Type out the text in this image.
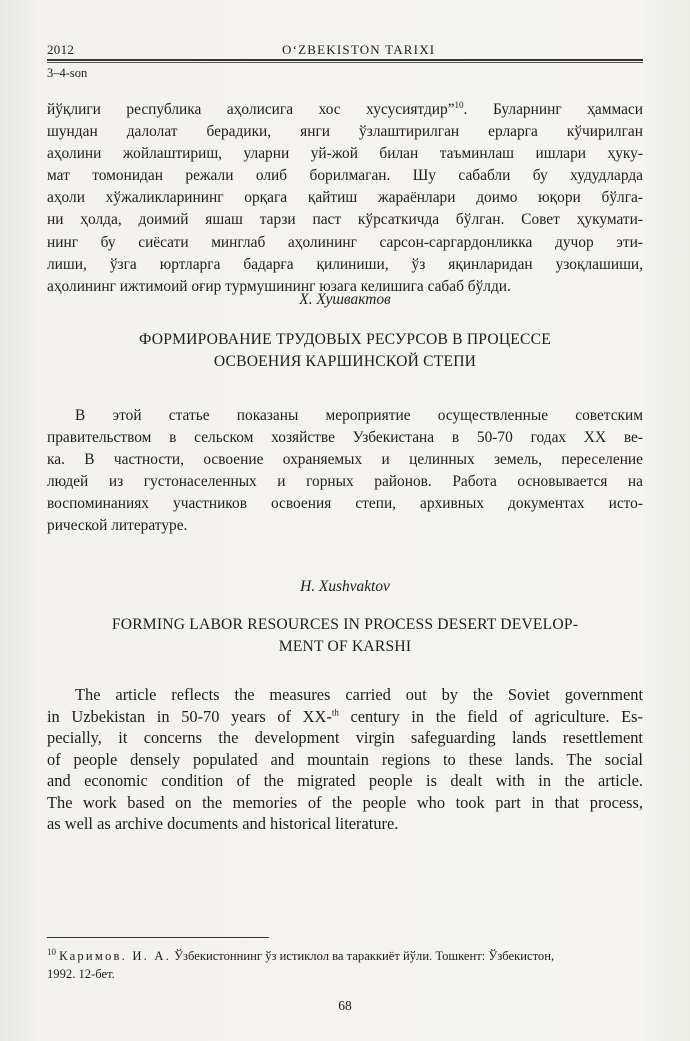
2012	O‘ZBEKISTON TARIXI
3–4-son
йўқлиги республика аҳолисига хос хусусиятдир”$^{10}$. Буларнинг ҳаммаси
шундан далолат берадики, янги ўзлаштирилган ерларга кўчирилган
аҳолини жойлаштириш, уларни уй-жой билан таъминлаш ишлари ҳуку-
мат томонидан режали олиб борилмаган. Шу сабабли бу худудларда
аҳоли хўжаликларининг орқага қайтиш жараёнлари доимо юқори бўлга-
ни ҳолда, доимий яшаш тарзи паст кўрсаткичда бўлган. Совет ҳукумати-
нинг бу сиёсати минглаб аҳолининг сарсон-саргардонликка дучор эти-
лиши, ўзга юртларга бадарға қилиниши, ўз яқинларидан узоқлашиши,
аҳолининг ижтимоий оғир турмушининг юзага келишига сабаб бўлди.
Х. Хушвактов
ФОРМИРОВАНИЕ ТРУДОВЫХ РЕСУРСОВ В ПРОЦЕССЕ
ОСВОЕНИЯ КАРШИНСКОЙ СТЕПИ
В этой статье показаны мероприятие осуществленные советским
правительством в сельском хозяйстве Узбекистана в 50-70 годах ХХ ве-
ка. В частности, освоение охраняемых и целинных земель, переселение
людей из густонаселенных и горных районов. Работа основывается на
воспоминаниях участников освоения степи, архивных документах исто-
рической литературе.
H. Xushvaktov
FORMING LABOR RESOURCES IN PROCESS DESERT DEVELOP-
MENT OF KARSHI
The article reflects the measures carried out by the Soviet government
in Uzbekistan in 50-70 years of XX-$^{th}$ century in the field of agriculture. Es-
pecially, it concerns the development virgin safeguarding lands resettlement
of people densely populated and mountain regions to these lands. The social
and economic condition of the migrated people is dealt with in the article.
The work based on the memories of the people who took part in that process,
as well as archive documents and historical literature.
$^{10}$ Каримов. И. А. Ўзбекистоннинг ўз истиклол ва тараккиёт йўли. Тошкент: Ўзбекистон,
1992. 12-бет.
68
